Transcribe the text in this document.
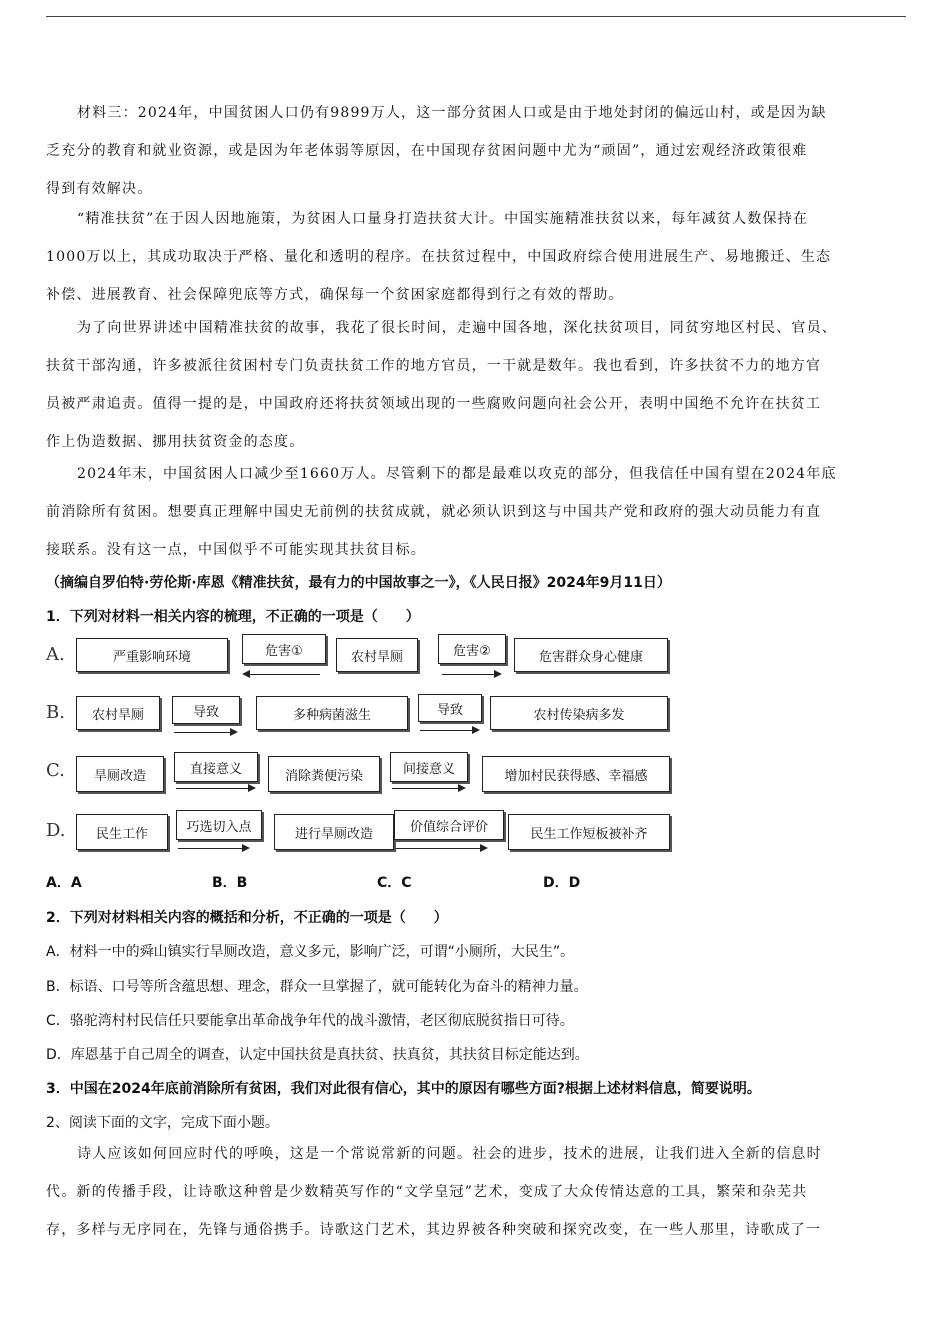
材料三：2024年，中国贫困人口仍有9899万人，这一部分贫困人口或是由于地处封闭的偏远山村，或是因为缺
乏充分的教育和就业资源，或是因为年老体弱等原因，在中国现存贫困问题中尤为“顽固”，通过宏观经济政策很难
得到有效解决。
“精准扶贫”在于因人因地施策，为贫困人口量身打造扶贫大计。中国实施精准扶贫以来，每年减贫人数保持在
1000万以上，其成功取决于严格、量化和透明的程序。在扶贫过程中，中国政府综合使用进展生产、易地搬迁、生态
补偿、进展教育、社会保障兜底等方式，确保每一个贫困家庭都得到行之有效的帮助。
为了向世界讲述中国精准扶贫的故事，我花了很长时间，走遍中国各地，深化扶贫项目，同贫穷地区村民、官员、
扶贫干部沟通，许多被派往贫困村专门负责扶贫工作的地方官员，一干就是数年。我也看到，许多扶贫不力的地方官
员被严肃追责。值得一提的是，中国政府还将扶贫领域出现的一些腐败问题向社会公开，表明中国绝不允许在扶贫工
作上伪造数据、挪用扶贫资金的态度。
2024年末，中国贫困人口减少至1660万人。尽管剩下的都是最难以攻克的部分，但我信任中国有望在2024年底
前消除所有贫困。想要真正理解中国史无前例的扶贫成就，就必须认识到这与中国共产党和政府的强大动员能力有直
接联系。没有这一点，中国似乎不可能实现其扶贫目标。
（摘编自罗伯特·劳伦斯·库恩《精准扶贫，最有力的中国故事之一》，《人民日报》2024年9月11日）
1．下列对材料一相关内容的梳理，不正确的一项是（　　）
A.	严重影响环境	危害①	农村旱厕	危害②	危害群众身心健康
B.	农村旱厕	导致	多种病菌滋生	导致	农村传染病多发
C.	旱厕改造	直接意义	消除粪便污染	间接意义	增加村民获得感、幸福感
D.	民生工作	巧选切入点	进行旱厕改造	价值综合评价	民生工作短板被补齐
A．A	B．B	C．C	D．D
2．下列对材料相关内容的概括和分析，不正确的一项是（　　）
A．材料一中的舜山镇实行旱厕改造，意义多元，影响广泛，可谓“小厕所，大民生”。
B．标语、口号等所含蕴思想、理念，群众一旦掌握了，就可能转化为奋斗的精神力量。
C．骆驼湾村村民信任只要能拿出革命战争年代的战斗激情，老区彻底脱贫指日可待。
D．库恩基于自己周全的调查，认定中国扶贫是真扶贫、扶真贫，其扶贫目标定能达到。
3．中国在2024年底前消除所有贫困，我们对此很有信心，其中的原因有哪些方面?根据上述材料信息，简要说明。
2、阅读下面的文字，完成下面小题。
诗人应该如何回应时代的呼唤，这是一个常说常新的问题。社会的进步，技术的进展，让我们进入全新的信息时
代。新的传播手段，让诗歌这种曾是少数精英写作的“文学皇冠”艺术，变成了大众传情达意的工具，繁荣和杂芜共
存，多样与无序同在，先锋与通俗携手。诗歌这门艺术，其边界被各种突破和探究改变，在一些人那里，诗歌成了一
